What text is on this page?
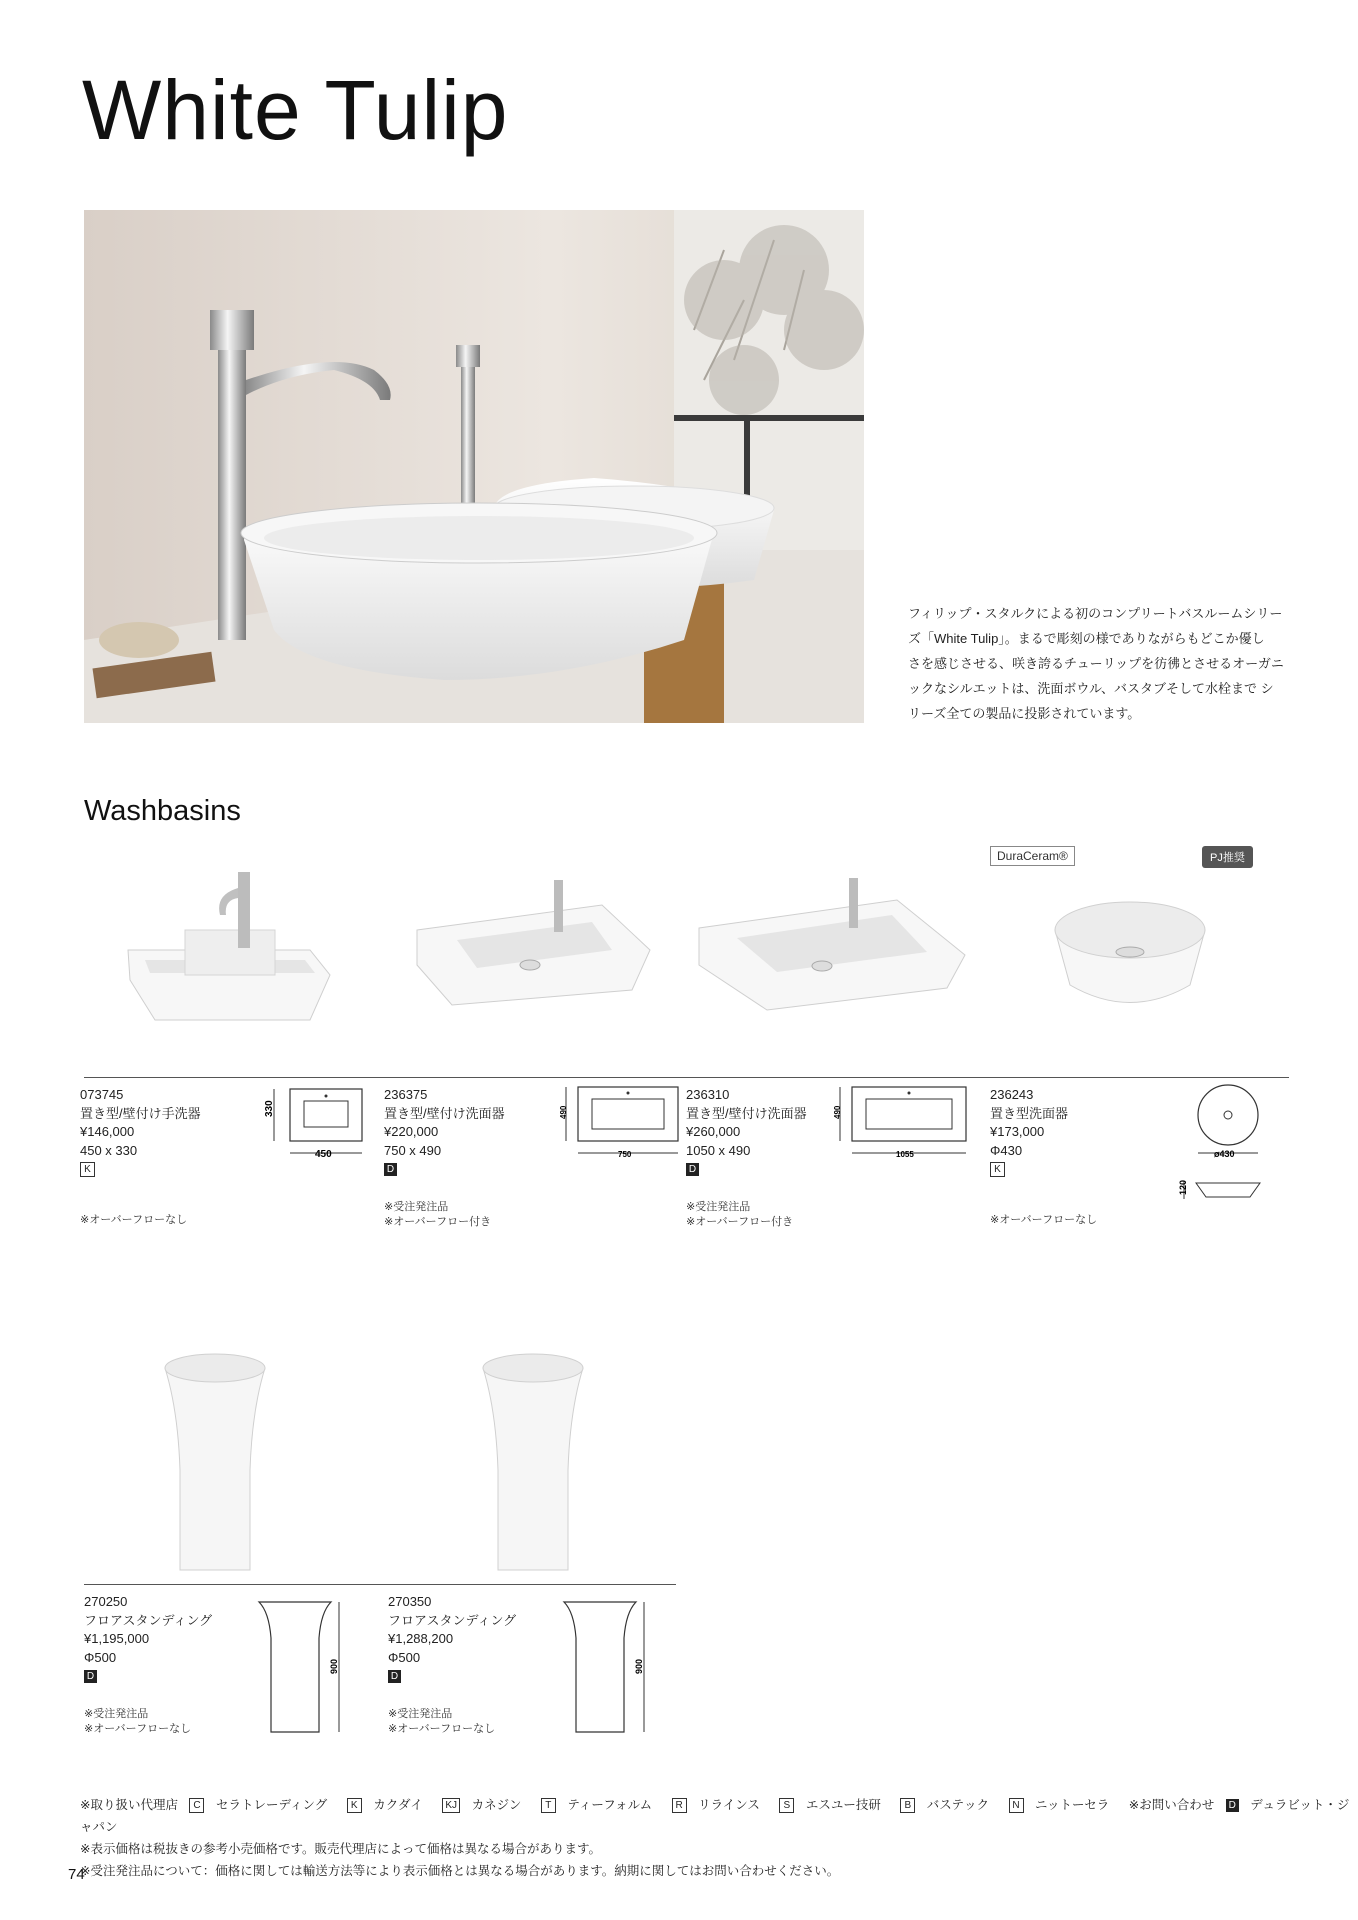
White Tulip
フィリップ・スタルクによる初のコンプリートバスルームシリー
ズ「White Tulip」。まるで彫刻の様でありながらもどこか優し
さを感じさせる、咲き誇るチューリップを彷彿とさせるオーガニ
ックなシルエットは、洗面ボウル、バスタブそして水栓まで シ
リーズ全ての製品に投影されています。
Washbasins
DuraCeram®	PJ推奨
073745
置き型/壁付け手洗器
¥146,000
450 x 330
K
※オーバーフローなし
236375
置き型/壁付け洗面器
¥220,000
750 x 490
D
※受注発注品
※オーバーフロー付き
236310
置き型/壁付け洗面器
¥260,000
1050 x 490
D
※受注発注品
※オーバーフロー付き
236243
置き型洗面器
¥173,000
Φ430
K
※オーバーフローなし
330
450
490
750
490
1055	ø430
120
270250
フロアスタンディング
¥1,195,000
Φ500
D
※受注発注品
※オーバーフローなし
270350
フロアスタンディング
¥1,288,200
Φ500
D
※受注発注品
※オーバーフローなし
900	900
※取り扱い代理店 C セラトレーディング K カクダイ KJ カネジン T ティーフォルム R リラインス S エスユー技研 B バステック N ニットーセラ ※お問い合わせ D デュラビット・ジャパン
※表示価格は税抜きの参考小売価格です。販売代理店によって価格は異なる場合があります。
※受注発注品について：価格に関しては輸送方法等により表示価格とは異なる場合があります。納期に関してはお問い合わせください。
74
